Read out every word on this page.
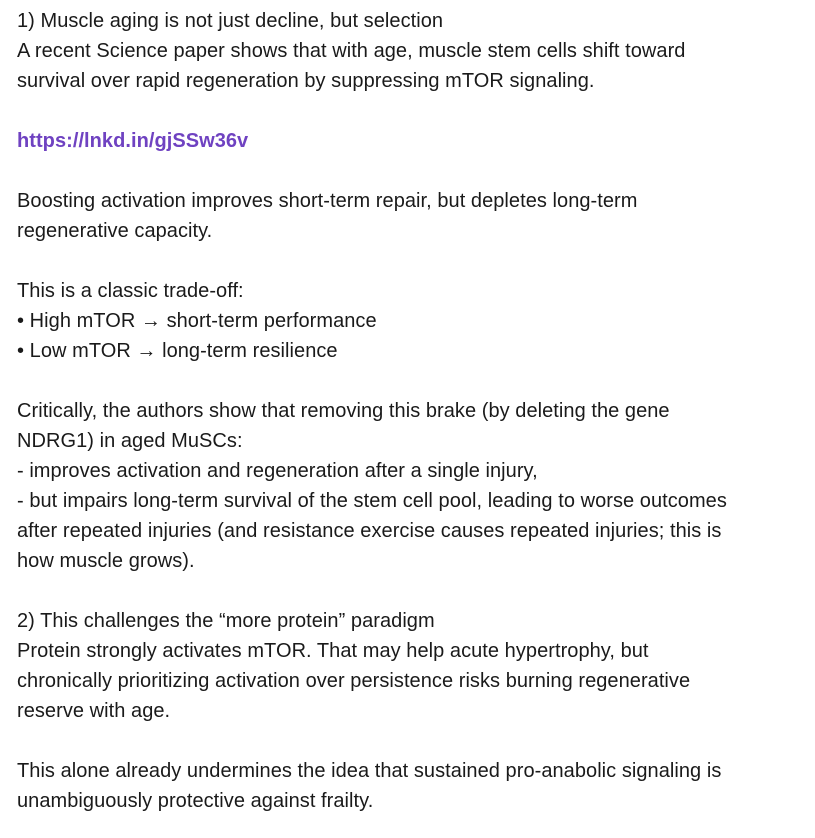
1) Muscle aging is not just decline, but selection
A recent Science paper shows that with age, muscle stem cells shift toward
survival over rapid regeneration by suppressing mTOR signaling.
https://lnkd.in/gjSSw36v
Boosting activation improves short-term repair, but depletes long-term
regenerative capacity.
This is a classic trade-off:
• High mTOR → short-term performance
• Low mTOR → long-term resilience
Critically, the authors show that removing this brake (by deleting the gene
NDRG1) in aged MuSCs:
- improves activation and regeneration after a single injury,
- but impairs long-term survival of the stem cell pool, leading to worse outcomes
after repeated injuries (and resistance exercise causes repeated injuries; this is
how muscle grows).
2) This challenges the “more protein” paradigm
Protein strongly activates mTOR. That may help acute hypertrophy, but
chronically prioritizing activation over persistence risks burning regenerative
reserve with age.
This alone already undermines the idea that sustained pro-anabolic signaling is
unambiguously protective against frailty.
